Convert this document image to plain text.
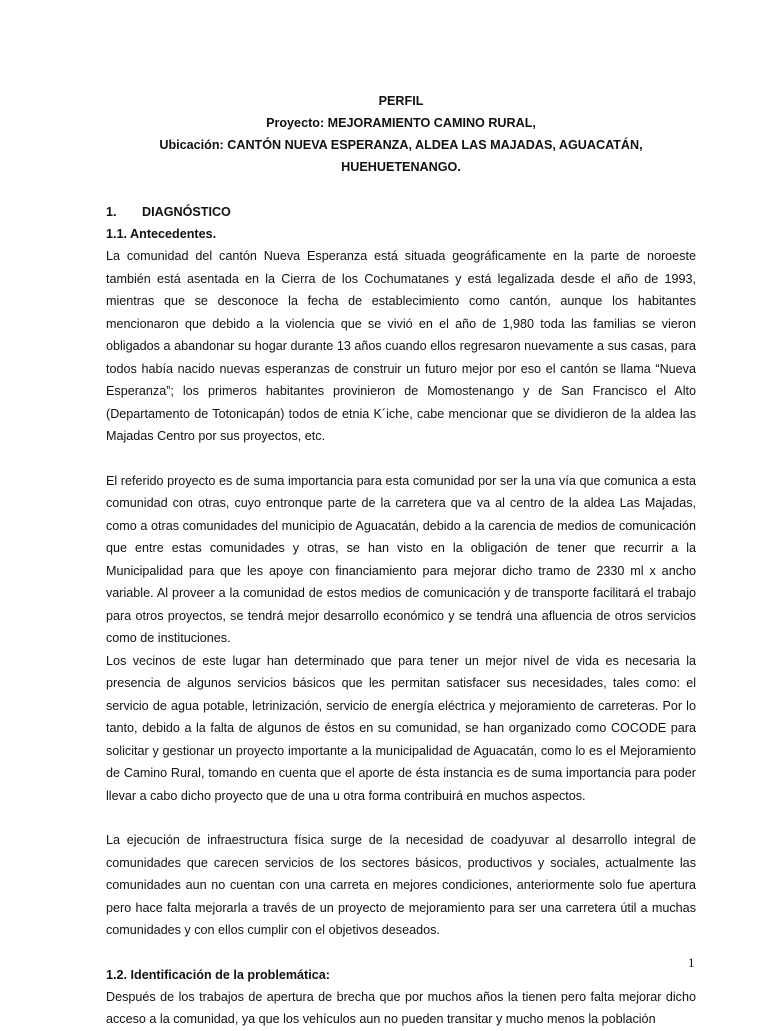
PERFIL

Proyecto: MEJORAMIENTO CAMINO RURAL,

Ubicación: CANTÓN NUEVA ESPERANZA, ALDEA LAS MAJADAS, AGUACATÁN, HUEHUETENANGO.

1.	DIAGNÓSTICO

1.1. Antecedentes.

La comunidad del cantón Nueva Esperanza está situada geográficamente en la parte de noroeste también está asentada en la Cierra de los Cochumatanes y está legalizada desde el año de 1993, mientras que se desconoce la fecha de establecimiento como cantón, aunque los habitantes mencionaron que debido a la violencia que se vivió en el año de 1,980 toda las familias se vieron obligados a abandonar su hogar durante 13 años cuando ellos regresaron nuevamente a sus casas, para todos había nacido nuevas esperanzas de construir un futuro mejor por eso el cantón se llama “Nueva Esperanza”; los primeros habitantes provinieron de Momostenango y de San Francisco el Alto (Departamento de Totonicapán) todos de etnia K´iche, cabe mencionar que se dividieron de la aldea las Majadas Centro por sus proyectos, etc.

El referido proyecto es de suma importancia para esta comunidad por ser la una vía que comunica a esta comunidad con otras, cuyo entronque parte de la carretera que va al centro de la aldea Las Majadas, como a otras comunidades del municipio de Aguacatán, debido a la carencia de medios de comunicación que entre estas comunidades y otras, se han visto en la obligación de tener que recurrir a la Municipalidad para que les apoye con financiamiento para mejorar dicho tramo de 2330 ml x ancho variable. Al proveer a la comunidad de estos medios de comunicación y de transporte facilitará el trabajo para otros proyectos, se tendrá mejor desarrollo económico y se tendrá una afluencia de otros servicios como de instituciones.

Los vecinos de este lugar han determinado que para tener un mejor nivel de vida es necesaria la presencia de algunos servicios básicos que les permitan satisfacer sus necesidades, tales como: el servicio de agua potable, letrinización, servicio de energía eléctrica y mejoramiento de carreteras. Por lo tanto, debido a la falta de algunos de éstos en su comunidad, se han organizado como COCODE para solicitar y gestionar un proyecto importante a la municipalidad de Aguacatán, como lo es el Mejoramiento de Camino Rural, tomando en cuenta que el aporte de ésta instancia es de suma importancia para poder llevar a cabo dicho proyecto que de una u otra forma contribuirá en muchos aspectos.

La ejecución de infraestructura física surge de la necesidad de coadyuvar al desarrollo integral de comunidades que carecen servicios de los sectores básicos, productivos y sociales, actualmente las comunidades aun no cuentan con una carreta en mejores condiciones, anteriormente solo fue apertura pero hace falta mejorarla a través de un proyecto de mejoramiento para ser una carretera útil a muchas comunidades y con ellos cumplir con el objetivos deseados.

1.2. Identificación de la problemática:

Después de los trabajos de apertura de brecha que por muchos años la tienen pero falta mejorar dicho acceso a la comunidad, ya que los vehículos aun no pueden transitar y mucho menos la población

1
